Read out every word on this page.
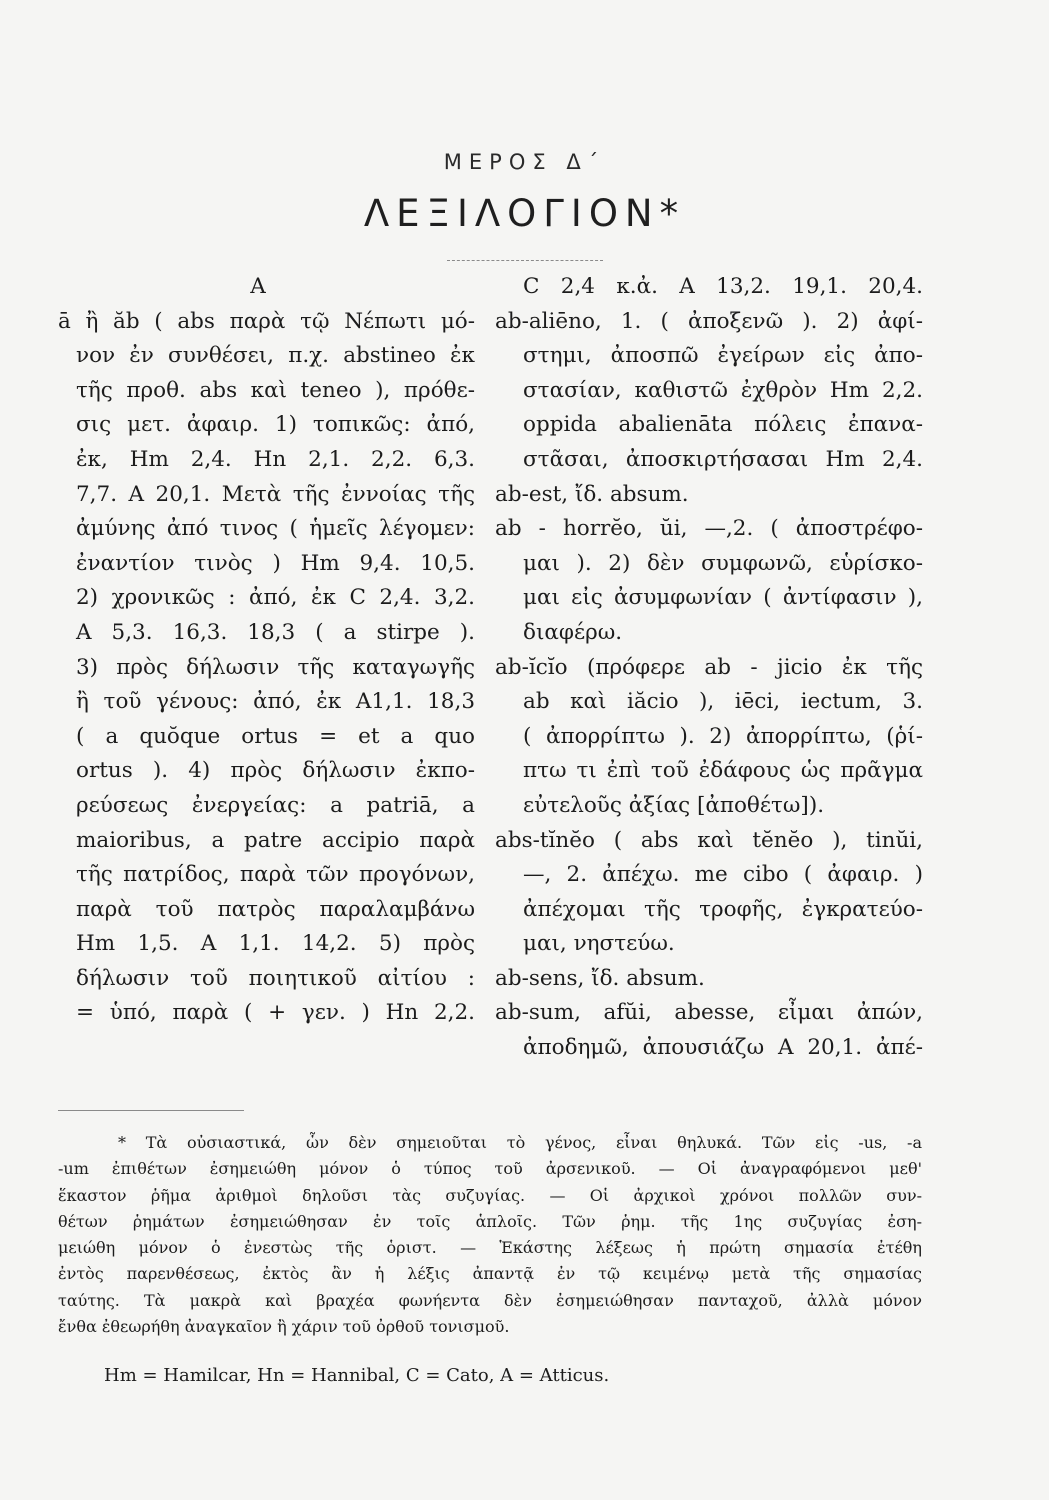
ΜΕΡΟΣ Δ΄
ΛΕΞΙΛΟΓΙΟΝ*
Α
ā ἢ ăb ( abs παρὰ τῷ Νέπωτι μό-
νον ἐν συνθέσει, π.χ. abstineo ἐκ
τῆς προθ. abs καὶ teneo ), πρόθε-
σις μετ. ἀφαιρ. 1) τοπικῶς: ἀπό,
ἐκ, Hm 2,4. Hn 2,1. 2,2. 6,3.
7,7. A 20,1. Μετὰ τῆς ἐννοίας τῆς
ἀμύνης ἀπό τινος ( ἡμεῖς λέγομεν:
ἐναντίον τινὸς ) Hm 9,4. 10,5.
2) χρονικῶς : ἀπό, ἐκ C 2,4. 3,2.
A 5,3. 16,3. 18,3 ( a stirpe ).
3) πρὸς δήλωσιν τῆς καταγωγῆς
ἢ τοῦ γένους: ἀπό, ἐκ A1,1. 18,3
( a quŏque ortus = et a quo
ortus ). 4) πρὸς δήλωσιν ἐκπο-
ρεύσεως ἐνεργείας: a patriā, a
maioribus, a patre accipio παρὰ
τῆς πατρίδος, παρὰ τῶν προγόνων,
παρὰ τοῦ πατρὸς παραλαμβάνω
Hm 1,5. A 1,1. 14,2. 5) πρὸς
δήλωσιν τοῦ ποιητικοῦ αἰτίου :
= ὑπό, παρὰ ( + γεν. ) Hn 2,2.
C 2,4 κ.ἀ. A 13,2. 19,1. 20,4.
ab-aliēno, 1. ( ἀποξενῶ ). 2) ἀφί-
στημι, ἀποσπῶ ἐγείρων εἰς ἀπο-
στασίαν, καθιστῶ ἐχθρὸν Hm 2,2.
oppida abalienāta πόλεις ἐπανα-
στᾶσαι, ἀποσκιρτήσασαι Hm 2,4.
ab-est, ἴδ. absum.
ab - horrĕo, ŭi, —,2. ( ἀποστρέφο-
μαι ). 2) δὲν συμφωνῶ, εὑρίσκο-
μαι εἰς ἀσυμφωνίαν ( ἀντίφασιν ),
διαφέρω.
ab-ĭcĭo (πρόφερε ab - jicio ἐκ τῆς
ab καὶ iăcio ), iēci, iectum, 3.
( ἀπορρίπτω ). 2) ἀπορρίπτω, (ῥί-
πτω τι ἐπὶ τοῦ ἐδάφους ὡς πρᾶγμα
εὐτελοῦς ἀξίας [ἀποθέτω]).
abs-tĭnĕo ( abs καὶ tĕnĕo ), tinŭi,
—, 2. ἀπέχω. me cibo ( ἀφαιρ. )
ἀπέχομαι τῆς τροφῆς, ἐγκρατεύο-
μαι, νηστεύω.
ab-sens, ἴδ. absum.
ab-sum, afŭi, abesse, εἶμαι ἀπών,
ἀποδημῶ, ἀπουσιάζω A 20,1. ἀπέ-
* Τὰ οὐσιαστικά, ὧν δὲν σημειοῦται τὸ γένος, εἶναι θηλυκά. Τῶν εἰς -us, -a
-um ἐπιθέτων ἐσημειώθη μόνον ὁ τύπος τοῦ ἀρσενικοῦ. — Οἱ ἀναγραφόμενοι μεθ'
ἕκαστον ῥῆμα ἀριθμοὶ δηλοῦσι τὰς συζυγίας. — Οἱ ἀρχικοὶ χρόνοι πολλῶν συν-
θέτων ῥημάτων ἐσημειώθησαν ἐν τοῖς ἁπλοῖς. Τῶν ῥημ. τῆς 1ης συζυγίας ἐση-
μειώθη μόνον ὁ ἐνεστὼς τῆς ὁριστ. — Ἑκάστης λέξεως ἡ πρώτη σημασία ἐτέθη
ἐντὸς παρενθέσεως, ἐκτὸς ἂν ἡ λέξις ἀπαντᾷ ἐν τῷ κειμένῳ μετὰ τῆς σημασίας
ταύτης. Τὰ μακρὰ καὶ βραχέα φωνήεντα δὲν ἐσημειώθησαν πανταχοῦ, ἀλλὰ μόνον
ἔνθα ἐθεωρήθη ἀναγκαῖον ἢ χάριν τοῦ ὀρθοῦ τονισμοῦ.
Hm = Hamilcar, Hn = Hannibal, C = Cato, A = Atticus.
